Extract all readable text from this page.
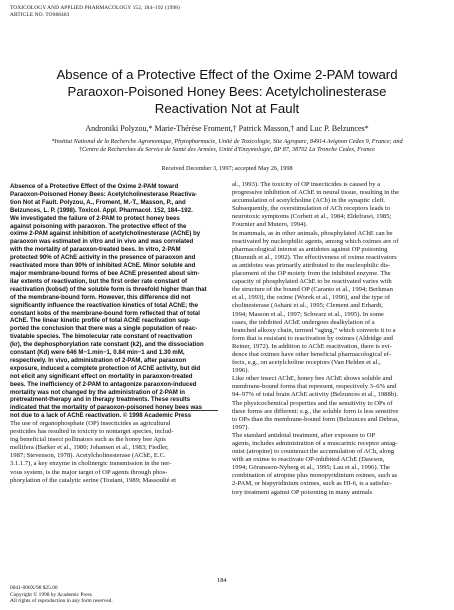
TOXICOLOGY AND APPLIED PHARMACOLOGY 152, 184–192 (1998)
ARTICLE NO. TO988483
Absence of a Protective Effect of the Oxime 2-PAM toward
Paraoxon-Poisoned Honey Bees: Acetylcholinesterase
Reactivation Not at Fault
Androniki Polyzou,* Marie-Thérèse Froment,† Patrick Masson,† and Luc P. Belzunces*
*Institut National de la Recherche Agronomique, Phytopharmacie, Unité de Toxicologie, Site Agroparc, 84914 Avignon Cedex 9, France; and
†Centre de Recherches du Service de Santé des Armées, Unité d'Enzymologie, BP 87, 38702 La Tronche Cedex, France
Received December 3, 1997; accepted May 26, 1998
Absence of a Protective Effect of the Oxime 2-PAM toward
Paraoxon-Poisoned Honey Bees: Acetylcholinesterase Reactiva-
tion Not at Fault. Polyzou, A., Froment, M.-T., Masson, P., and
Belzunces, L. P. (1998). Toxicol. Appl. Pharmacol. 152, 184–192.
We investigated the failure of 2-PAM to protect honey bees
against poisoning with paraoxon. The protective effect of the
oxime 2-PAM against inhibition of acetylcholinesterase (AChE) by
paraoxon was estimated in vitro and in vivo and was correlated
with the mortality of paraoxon-treated bees. In vitro, 2-PAM
protected 90% of AChE activity in the presence of paraoxon and
reactivated more than 90% of inhibited AChE. Minor soluble and
major membrane-bound forms of bee AChE presented about sim-
ilar extents of reactivation, but the first order rate constant of
reactivation (kobsd) of the soluble form is threefold higher than that
of the membrane-bound form. However, this difference did not
significantly influence the reactivation kinetics of total AChE; the
constant kobs of the membrane-bound form reflected that of total
AChE. The linear kinetic profile of total AChE reactivation sup-
ported the conclusion that there was a single population of reac-
tivatable species. The bimolecular rate constant of reactivation
(kr), the dephosphorylation rate constant (k2), and the dissociation
constant (Kd) were 646 M−1.min−1, 0.84 min−1 and 1.30 mM,
respectively. In vivo, administration of 2-PAM, after paraoxon
exposure, induced a complete protection of AChE activity, but did
not elicit any significant effect on mortality in paraoxon-treated
bees. The inefficiency of 2-PAM to antagonize paraoxon-induced
mortality was not changed by the administration of 2-PAM in
pretreatment-therapy and in therapy treatments. These results
indicated that the mortality of paraoxon-poisoned honey bees was
not due to a lack of AChE reactivation. © 1998 Academic Press
The use of organophosphate (OP) insecticides as agricultural
pesticides has resulted in toxicity to nontarget species, includ-
ing beneficial insect pollinators such as the honey bee Apis
mellifera (Barker et al., 1980; Johansen et al., 1983; Fiedler,
1987; Stevenson, 1978). Acetylcholinesterase (AChE, E.C.
3.1.1.7), a key enzyme in cholinergic transmission in the ner-
vous system, is the major target of OP agents through phos-
phorylation of the catalytic serine (Toutant, 1989; Massoulié et
al., 1993). The toxicity of OP insecticides is caused by a
progressive inhibition of AChE in neural tissue, resulting in the
accumulation of acetylcholine (ACh) in the synaptic cleft.
Subsequently, the overstimulation of ACh receptors leads to
neurotoxic symptoms (Corbett et al., 1984; Eldefrawi, 1985;
Fournier and Mutero, 1994).
In mammals, as in other animals, phosphylated AChE can be
reactivated by nucleophilic agents, among which oximes are of
pharmacological interest as antidotes against OP poisoning
(Bismuth et al., 1992). The effectiveness of oxime reactivators
as antidotes was primarily attributed to the nucleophilic dis-
placement of the OP moiety from the inhibited enzyme. The
capacity of phosphylated AChE to be reactivated varies with
the structure of the bound OP (Caranto et al., 1994; Berkman
et al., 1993), the oxime (Worek et al., 1996), and the type of
cholinesterase (Ashani et al., 1995; Clement and Erhardt,
1994; Masson et al., 1997; Schwarz et al., 1995). In some
cases, the inhibited AChE undergoes dealkylation of a
branched alkoxy chain, termed “aging,” which converts it to a
form that is resistant to reactivation by oximes (Aldridge and
Reiner, 1972). In addition to AChE reactivation, there is evi-
dence that oximes have other beneficial pharmacological ef-
fects, e.g., on acetylcholine receptors (Van Helden et al.,
1996).
Like other insect AChE, honey bee AChE shows soluble and
membrane-bound forms that represent, respectively 3–6% and
94–97% of total brain AChE activity (Belzunces et al., 1988b).
The physicochemical properties and the sensitivity to OPs of
these forms are different: e.g., the soluble form is less sensitive
to OPs than the membrane-bound form (Belzunces and Debras,
1997).
The standard antidotal treatment, after exposure to OP
agents, includes administration of a muscarinic receptor antag-
onist (atropine) to counteract the accumulation of ACh, along
with an oxime to reactivate OP-inhibited AChE (Dawson,
1994; Göransson-Nyberg et al., 1995; Lau et al., 1996). The
combination of atropine plus monopyridinium oximes, such as
2-PAM, or bispyridinium oximes, such as HI-6, is a satisfac-
tory treatment against OP poisoning in many animals
184
0041-008X/98 $25.00
Copyright © 1998 by Academic Press
All rights of reproduction in any form reserved.
